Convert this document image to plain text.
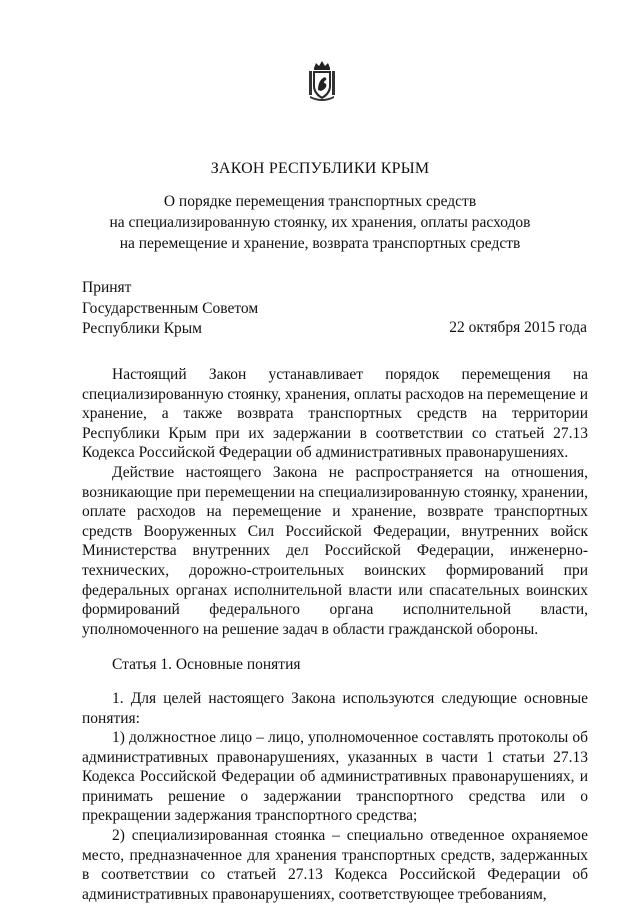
ЗАКОН РЕСПУБЛИКИ КРЫМ
О порядке перемещения транспортных средств
на специализированную стоянку, их хранения, оплаты расходов
на перемещение и хранение, возврата транспортных средств
Принят
Государственным Советом
Республики Крым	22 октября 2015 года

Настоящий Закон устанавливает порядок перемещения на специализированную стоянку, хранения, оплаты расходов на перемещение и хранение, а также возврата транспортных средств на территории Республики Крым при их задержании в соответствии со статьей 27.13 Кодекса Российской Федерации об административных правонарушениях.

Действие настоящего Закона не распространяется на отношения, возникающие при перемещении на специализированную стоянку, хранении, оплате расходов на перемещение и хранение, возврате транспортных средств Вооруженных Сил Российской Федерации, внутренних войск Министерства внутренних дел Российской Федерации, инженерно-технических, дорожно-строительных воинских формирований при федеральных органах исполнительной власти или спасательных воинских формирований федерального органа исполнительной власти, уполномоченного на решение задач в области гражданской обороны.

Статья 1. Основные понятия

1. Для целей настоящего Закона используются следующие основные понятия:

1) должностное лицо – лицо, уполномоченное составлять протоколы об административных правонарушениях, указанных в части 1 статьи 27.13 Кодекса Российской Федерации об административных правонарушениях, и принимать решение о задержании транспортного средства или о прекращении задержания транспортного средства;

2) специализированная стоянка – специально отведенное охраняемое место, предназначенное для хранения транспортных средств, задержанных в соответствии со статьей 27.13 Кодекса Российской Федерации об административных правонарушениях, соответствующее требованиям,
